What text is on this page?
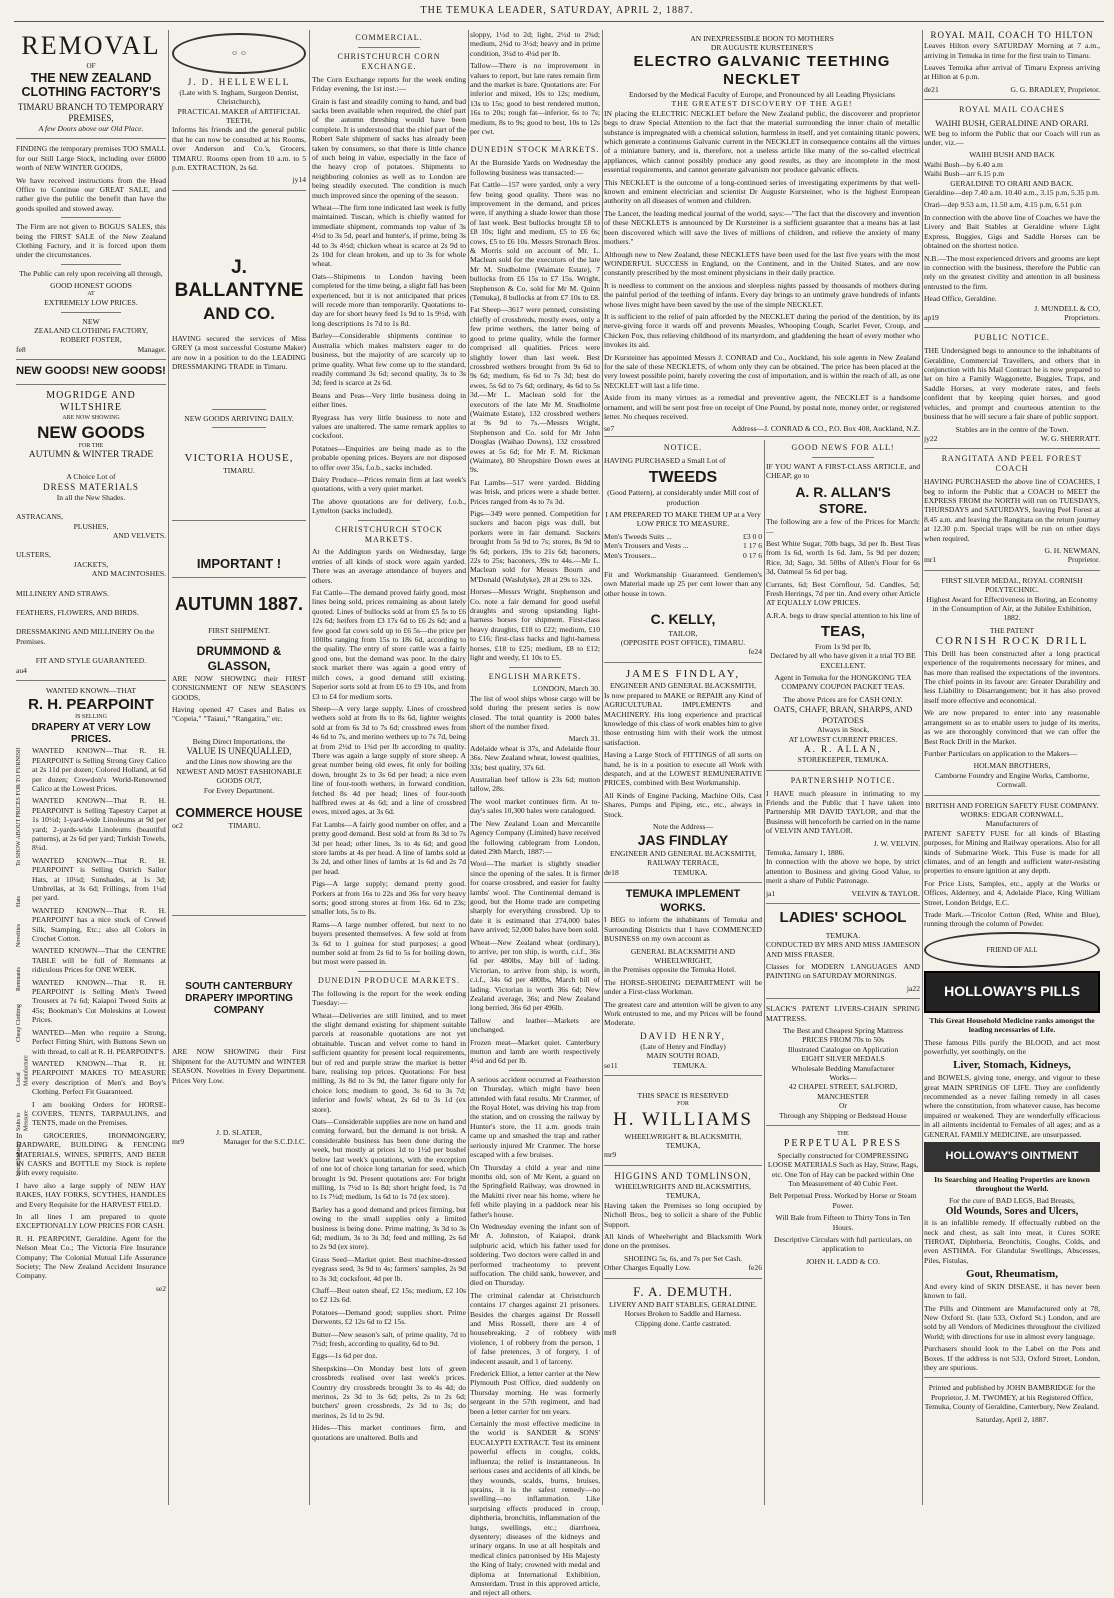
THE TEMUKA LEADER, SATURDAY, APRIL 2, 1887.
REMOVAL
OF
THE NEW ZEALAND CLOTHING FACTORY'S
TIMARU BRANCH TO TEMPORARY PREMISES,
A few Doors above our Old Place.

FINDING the temporary premises TOO SMALL for our Still Large Stock, including over £6000 worth of NEW WINTER GOODS,

We have received instructions from the Head Office to Continue our GREAT SALE, and rather give the public the benefit than have the goods spoiled and stowed away.

The Firm are not given to BOGUS SALES, this being the FIRST SALE of the New Zealand Clothing Factory, and it is forced upon them under the circumstances.

The Public can rely upon receiving all through,

GOOD HONEST GOODS
AT
EXTREMELY LOW PRICES.
NEW
ZEALAND CLOTHING FACTORY,
ROBERT FOSTER,
fe8	Manager.
NEW GOODS! NEW GOODS!
MOGRIDGE AND WILTSHIRE
ARE NOW SHOWING
NEW GOODS
FOR THE
AUTUMN & WINTER TRADE
A Choice Lot of
DRESS MATERIALS
In all the New Shades.
ASTRACANS,
PLUSHES,
AND VELVETS.
ULSTERS,
JACKETS,
AND MACINTOSHES.
MILLINERY AND STRAWS.
FEATHERS, FLOWERS, AND BIRDS.
DRESSMAKING AND MILLINERY On the Premises.
FIT AND STYLE GUARANTEED.
au4
WANTED KNOWN—THAT
R. H. PEARPOINT
IS SELLING
DRAPERY AT VERY LOW PRICES.

WANTED KNOWN—That R. H. PEARPOINT is Selling Strong Grey Calico at 2s 11d per dozen; Colored Holland, at 6d per dozen; Crewdon's World-Renowned Calico at the Lowest Prices.

WANTED KNOWN—That R. H. PEARPOINT is Selling Tapestry Carpet at 1s 10½d; 1-yard-wide Linoleums at 9d per yard; 2-yards-wide Linoleums (beautiful patterns), at 2s 6d per yard; Turkish Towels, 8¼d.

WANTED KNOWN—That R. H. PEARPOINT is Selling Ostrich Sailor Hats, at 10¼d; Sunshades, at 1s 3d; Umbrellas, at 3s 6d; Frillings, from 1¼d per yard.

WANTED KNOWN—That R. H. PEARPOINT has a nice stock of Crewel Silk, Stamping, Etc.; also all Colors in Crochet Cotton.

WANTED KNOWN—That the CENTRE TABLE will be full of Remnants at ridiculous Prices for ONE WEEK.

WANTED KNOWN—That R. H. PEARPOINT is Selling Men's Tweed Trousers at 7s 6d; Kaiapoi Tweed Suits at 45s; Bookman's Cut Moleskins at Lowest Prices.

WANTED—Men who require a Strong, Perfect Fitting Shirt, with Buttons Sewn on with thread, to call at R. H. PEARPOINT'S.

WANTED KNOWN—That R. H. PEARPOINT MAKES TO MEASURE every description of Men's and Boy's Clothing. Perfect Fit Guaranteed.

I am booking Orders for HORSE-COVERS, TENTS, TARPAULINS, and TENTS, made on the Premises.

To SHOW ABOUT PRICES FOR TO FURNISH
Hats
Novelties
Remnants
Cheap Clothing
Local Manufacture
Suits to Measure
Local Industry

In GROCERIES, IRONMONGERY, HARDWARE, BUILDING & FENCING MATERIALS, WINES, SPIRITS, AND BEER IN CASKS and BOTTLE my Stock is replete with every requisite.

I have also a large supply of NEW HAY RAKES, HAY FORKS, SCYTHES, HANDLES and Every Requisite for the HARVEST FIELD.

In all lines I am prepared to quote EXCEPTIONALLY LOW PRICES FOR CASH.

R. H. PEARPOINT, Geraldine. Agent for the Nelson Meat Co.; The Victoria Fire Insurance Company; The Colonial Mutual Life Assurance Society; The New Zealand Accident Insurance Company.

se2
☺ ☺
J. D. HELLEWELL
(Late with S. Ingham, Surgeon Dentist, Christchurch),
PRACTICAL MAKER of ARTIFICIAL TEETH,

Informs his friends and the general public that he can now be consulted at his Rooms, over Anderson and Co.'s, Grocers, TIMARU. Rooms open from 10 a.m. to 5 p.m. EXTRACTION, 2s 6d.

jy14
J. BALLANTYNE
AND CO.

HAVING secured the services of Miss GREY (a most successful Costume Maker) are now in a position to do the LEADING DRESSMAKING TRADE in Timaru.

NEW GOODS ARRIVING DAILY.
VICTORIA HOUSE,
TIMARU.
IMPORTANT !
AUTUMN 1887.
FIRST SHIPMENT.
DRUMMOND & GLASSON,

ARE NOW SHOWING their FIRST CONSIGNMENT OF NEW SEASON'S GOODS,

Having opened 47 Cases and Bales ex "Copeia," "Taiaui," "Rangatira," etc.

Being Direct Importations, the
VALUE IS UNEQUALLED,
and the Lines now showing are the
NEWEST AND MOST FASHIONABLE GOODS OUT,
For Every Department.
COMMERCE HOUSE
oc2	TIMARU.
SOUTH CANTERBURY DRAPERY IMPORTING COMPANY

ARE NOW SHOWING their First Shipment for the AUTUMN and WINTER SEASON. Novelties in Every Department. Prices Very Low.

J. D. SLATER,
mr9	Manager for the S.C.D.I.C.
COMMERCIAL.
CHRISTCHURCH CORN EXCHANGE.

The Corn Exchange reports for the week ending Friday evening, the 1st inst.:—

Grain is fast and steadily coming to hand, and bad sacks been available when required, the chief part of the autumn threshing would have been complete. It is understood that the chief part of the Robert Sale shipment of sacks has already been taken by consumers, so that there is little chance of such being in value, especially in the face of the heavy crop of potatoes. Shipments to neighboring colonies as well as to London are being steadily executed. The condition is much much improved since the opening of the season.

Wheat—The firm tone indicated last week is fully maintained. Tuscan, which is chiefly wanted for immediate shipment, commands top value of 3s 4½d to 3s 5d, pearl and hunter's, if prime, bring 3s 4d to 3s 4½d; chicken wheat is scarce at 2s 9d to 2s 10d for clean broken, and up to 3s for whole wheat.

Oats—Shipments to London having been completed for the time being, a slight fall has been experienced, but it is not anticipated that prices will recede more than temporarily. Quotations to-day are for short heavy feed 1s 9d to 1s 9½d, with long descriptions 1s 7d to 1s 8d.

Barley—Considerable shipments continue to Australia which makes maltsters eager to do business, but the majority of are scarcely up to prime quality. What few come up to the standard, readily command 3s 6d; second quality, 3s to 3s 3d; feed is scarce at 2s 6d.

Beans and Peas—Very little business doing in either lines.

Ryegrass has very little business to note and values are unaltered. The same remark applies to cocksfoot.

Potatoes—Enquiries are being made as to the probable opening prices. Buyers are not disposed to offer over 35s, f.o.b., sacks included.

Dairy Produce—Prices remain firm at last week's quotations, with a very quiet market.

The above quotations are for delivery, f.o.b., Lyttelton (sacks included).

CHRISTCHURCH STOCK MARKETS.

At the Addington yards on Wednesday, large entries of all kinds of stock were again yarded. There was an average attendance of buyers and others.

Fat Cattle—The demand proved fairly good, most lines being sold, prices remaining as about lately quoted. Lines of bullocks sold at from £5 5s to £6 12s 6d; heifers from £3 17s 6d to £6 2s 6d; and a few good fat cows sold up to £6 5s—the price per 100lbs ranging from 15s to 18s 6d, according to the quality. The entry of store cattle was a fairly good one, but the demand was poor. In the dairy stock market there was again a good entry of milch cows, a good demand still existing. Superior sorts sold at from £6 to £9 10s, and from £3 to £4 for medium sorts.

Sheep—A very large supply. Lines of crossbred wethers sold at from 8s to 8s 6d, lighter weights sold at from 6s 3d to 7s 6d; crossbred ewes from 4s 6d to 7s, and merino wethers up to 7s 7d, being at from 2½d to 1¾d per lb according to quality. There was again a large supply of store sheep. A great number being old ewes, fit only for boiling down, brought 2s to 3s 6d per head; a nice even line of four-tooth wethers, in forward condition, fetched 8s 4d per head; lines of four-tooth halfbred ewes at 4s 6d; and a line of crossbred ewes, mixed ages, at 3s 6d.

Fat Lambs—A fairly good number on offer, and a pretty good demand. Best sold at from 8s 3d to 7s 3d per head; other lines, 3s to 4s 6d; and good store lambs at 4s per head. A line of lambs sold at 3s 2d, and other lines of lambs at 1s 6d and 2s 7d per head.

Pigs—A large supply; demand pretty good. Porkers at from 16s to 22s and 36s for very heavy sorts; good strong stores at from 16s. 6d to 23s; smaller lots, 5s to 8s.

Rams—A large number offered, but next to no buyers presented themselves. A few sold at from 3s 6d to 1 guinea for stud purposes; a good number sold at from 2s 6d to 5s for boiling down, but most were passed in.

DUNEDIN PRODUCE MARKETS.

The following is the report for the week ending Tuesday:—

Wheat—Deliveries are still limited, and to meet the slight demand existing for shipment suitable parcels at reasonable quotations are not yet obtainable. Tuscan and velvet come to hand in sufficient quantity for present local requirements, but of red and purple straw the market is better bare, realising top prices. Quotations: For best milling, 3s 8d to 3s 9d, the latter figure only for choice lots; medium to good, 3s 6d to 3s 7d; inferior and fowls' wheat, 2s 6d to 3s 1d (ex store).

Oats—Considerable supplies are now on hand and coming forward, but the demand is not brisk. A considerable business has been done during the week, but mostly at prices 1d to 1½d per bushel below last week's quotations, with the exception of one lot of choice long tartarian for seed, which brought 1s 9d. Present quotations are: For bright milling, 1s 7½d to 1s 8d; short bright feed, 1s 7d to 1s 7½d; medium, 1s 6d to 1s 7d (ex store).

Barley has a good demand and prices firming, but owing to the small supplies only a limited business is being done. Prime malting, 3s 3d to 3s 6d; medium, 3s to 3s 3d; feed and milling, 2s 6d to 2s 9d (ex store).

Grass Seed—Market quiet. Best machine-dressed ryegrass seed, 3s 9d to 4s; farmers' samples, 2s 9d to 3s 3d; cocksfoot, 4d per lb.

Chaff—Best oaten sheaf, £2 15s; medium, £2 10s to £2 12s 6d.

Potatoes—Demand good; supplies short. Prime Derwents, £2 12s 6d to £2 15s.

Butter—New season's salt, of prime quality, 7d to 7½d; fresh, according to quality, 6d to 9d.

Eggs—1s 6d per doz.

Sheepskins—On Monday best lots of green crossbreds realised over last week's prices. Country dry crossbreds brought 3s to 4s 4d; do merinos, 2s 3d to 3s 6d; pelts, 2s to 2s 6d; butchers' green crossbreds, 2s 3d to 3s; do merinos, 2s 1d to 2s 9d.

Hides—This market continues firm, and quotations are unaltered. Bulls and

sloppy, 1½d to 2d; light, 2½d to 2¾d; medium, 2¾d to 3½d; heavy and in prime condition, 3¼d to 4¼d per lb.

Tallow—There is no improvement in values to report, but late rates remain firm and the market is bare. Quotations are: For inferior and mixed, 10s to 12s; medium, 13s to 15s; good to best rendered mutton, 16s to 20s; rough fat—inferior, 6s to 7s; medium, 8s to 9s; good to best, 10s to 12s per cwt.

DUNEDIN STOCK MARKETS.

At the Burnside Yards on Wednesday the following business was transacted:—

Fat Cattle—157 were yarded, only a very few being good quality. There was no improvement in the demand, and prices were, if anything a shade lower than those of last week. Best bullocks brought £8 to £8 10s; light and medium, £5 to £6 6s; cows, £5 to £6 10s. Messrs Stronach Bros. & Morris sold on account of Mr. L. Maclean sold for the executors of the late Mr M. Studholme (Waimate Estate), 7 bullocks from £6 15s to £7 15s. Wright, Stephenson & Co. sold for Mr M. Quinn (Temuka), 8 bullocks at from £7 10s to £8.

Fat Sheep—3617 were penned, consisting chiefly of crossbreds, mostly ewes, only a few prime wethers, the latter being of good to prime quality, while the former comprised all qualities. Prices were slightly lower than last week. Best crossbred wethers brought from 9s 6d to 9s 6d; medium, 6s 6d to 7s 3d; best do ewes, 5s 6d to 7s 6d; ordinary, 4s 6d to 5s 3d.—Mr L. Maclean sold for the executors of the late Mr M. Studholme (Waimate Estate), 132 crossbred wethers at 9s 9d to 7s.—Messrs Wright, Stephenson and Co. sold for Mr John Douglas (Waihao Downs), 132 crossbred ewes at 5s 6d; for Mr F. M. Rickman (Waimate), 80 Shropshire Down ewes at 9s.

Fat Lambs—517 were yarded. Bidding was brisk, and prices were a shade better. Prices ranged from 4s to 7s 3d.

Pigs—349 were penned. Competition for suckers and bacon pigs was dull, but porkers were in fair demand. Suckers brought from 5s 9d to 7s; stores, 8s 9d to 9s 6d; porkers, 19s to 21s 6d; baconers, 22s to 25s; baconers, 39s to 44s.—Mr L. Maclean sold for Messrs Bourn and M'Donald (Washdyke), 28 at 29s to 32s.

Horses—Messrs Wright, Stephenson and Co. note a fair demand for good useful draughts and strong upstanding light-harness horses for shipment. First-class heavy draughts, £18 to £22; medium, £10 to £16; first-class hacks and light-harness horses, £18 to £25; medium, £8 to £12; light and weedy, £1 10s to £5.

ENGLISH MARKETS.
LONDON, March 30.

The list of wool ships whose cargo will be sold during the present series is now closed. The total quantity is 2000 bales short of the number fixed.

March 31.

Adelaide wheat is 37s, and Adelaide flour 36s. New Zealand wheat, lowest qualities, 33s; best quality, 37s 6d.

Australian beef tallow is 23s 6d; mutton tallow, 28s.

The wool market continues firm. At to-day's sales 10,300 bales were catalogued.

The New Zealand Loan and Mercantile Agency Company (Limited) have received the following cablegram from London, dated 29th March, 1887:—

Wool—The market is slightly steadier since the opening of the sales. It is firmer for coarse crossbred, and easier for faulty lambs' wool. The Continental demand is good, but the Home trade are competing sharply for everything crossbred. Up to date it is estimated that 274,000 bales have arrived; 52,000 bales have been sold.

Wheat—New Zealand wheat (ordinary), to arrive, per ton ship, is worth, c.i.f., 36s 6d per 480lbs, May bill of lading. Victorian, to arrive from ship, is worth, c.i.f., 34s 6d per 480lbs, March bill of lading. Victorian is worth 36s 6d; New Zealand average, 36s; and New Zealand long berried, 36s 6d per 496lb.

Tallow and leather—Markets are unchanged.

Frozen meat—Market quiet. Canterbury mutton and lamb are worth respectively 4½d and 6d per lb.

A serious accident occurred at Featherston on Thursday, which might have been attended with fatal results. Mr Cranmer, of the Royal Hotel, was driving his trap from the station, and on crossing the railway by Hunter's store, the 11 a.m. goods train came up and smashed the trap and rather seriously injured Mr Cranmer. The horse escaped with a few bruises.

On Thursday a child a year and nine months old, son of Mr Kent, a guard on the Springfield Railway, was drowned in the Makitti river near his home, where he fell while playing in a paddock near his father's house.

On Wednesday evening the infant son of Mr A. Johnston, of Kaiapoi, drank sulphuric acid, which his father used for soldering. Two doctors were called in and performed tracheotomy to prevent suffocation. The child sank, however, and died on Thursday.

The criminal calendar at Christchurch contains 17 charges against 21 prisoners. Besides the charges against Dr Rossell and Miss Rossell, there are 4 of housebreaking, 2 of robbery with violence, 1 of robbery from the person, 1 of false pretences, 3 of forgery, 1 of indecent assault, and 1 of larceny.

Frederick Elliot, a letter carrier at the New Plymouth Post Office, died suddenly on Thursday morning. He was formerly sergeant in the 57th regiment, and had been a letter carrier for ten years.

Certainly the most effective medicine in the world is SANDER & SONS' EUCALYPTI EXTRACT. Test its eminent powerful effects in coughs, colds, influenza; the relief is instantaneous. In serious cases and accidents of all kinds, be they wounds, scalds, burns, bruises, sprains, it is the safest remedy—no swelling—no inflammation. Like surprising effects produced in croup, diphtheria, bronchitis, inflammation of the lungs, swellings, etc.; diarrhoea, dysentery; diseases of the kidneys and urinary organs. In use at all hospitals and medical clinics patronised by His Majesty the King of Italy; crowned with medal and diploma at International Exhibition, Amsterdam. Trust in this approved article, and reject all others.

AN INEXPRESSIBLE BOON TO MOTHERS
DR AUGUSTE KURSTEINER'S
ELECTRO GALVANIC TEETHING NECKLET
Endorsed by the Medical Faculty of Europe, and Pronounced by all Leading Physicians
THE GREATEST DISCOVERY OF THE AGE!

IN placing the ELECTRIC NECKLET before the New Zealand public, the discoverer and proprietor begs to draw Special Attention to the fact that the material surrounding the inner chain of metallic substance is impregnated with a chemical solution, harmless in itself, and yet containing titanic powers, which generate a continuous Galvanic current in the NECKLET in consequence contains all the virtues of a miniature battery, and is, therefore, not a useless article like many of the so-called electrical appliances, which cannot possibly produce any good results, as they are incomplete in the most essential requirements, and cannot generate galvanism nor produce galvanic effects.

This NECKLET is the outcome of a long-continued series of investigating experiments by that well-known and eminent electrician and scientist Dr Auguste Kursteiner, who is the highest European authority on all diseases of women and children.

The Lancet, the leading medical journal of the world, says:—"The fact that the discovery and invention of these NECKLETS is announced by Dr Kursteiner is a sufficient guarantee that a means has at last been discovered which will save the lives of millions of children, and relieve the anxiety of many mothers."

Although new to New Zealand, these NECKLETS have been used for the last five years with the most WONDERFUL SUCCESS in England, on the Continent, and in the United States, and are now constantly prescribed by the most eminent physicians in their daily practice.

It is needless to comment on the anxious and sleepless nights passed by thousands of mothers during the painful period of the teething of infants. Every day brings to an untimely grave hundreds of infants whose lives might have been saved by the use of the simple NECKLET.

It is sufficient to the relief of pain afforded by the NECKLET during the period of the dentition, by its nerve-giving force it wards off and prevents Measles, Whooping Cough, Scarlet Fever, Croup, and Chicken Pox, thus relieving childhood of its martyrdom, and gladdening the heart of every mother who invokes its aid.

Dr Kursteiner has appointed Messrs J. CONRAD and Co., Auckland, his sole agents in New Zealand for the sale of these NECKLETS, of whom only they can be obtained. The price has been placed at the very lowest possible point, barely covering the cost of importation, and is within the reach of all, as one NECKLET will last a life time.

Aside from its many virtues as a remedial and preventive agent, the NECKLET is a handsome ornament, and will be sent post free on receipt of One Pound, by postal note, money order, or registered letter. No cheques received.

se7	Address—J. CONRAD & CO., P.O. Box 408, Auckland, N.Z.
NOTICE.

HAVING PURCHASED a Small Lot of

TWEEDS

(Good Pattern), at considerably under Mill cost of production

I AM PREPARED TO MAKE THEM UP at a Very LOW PRICE TO MEASURE.

Men's Tweeds Suits ...	£3 0 0
Men's Trousers and Vests ...	1 17 6
Men's Trousers...	0 17 6

Fit and Workmanship Guaranteed. Gentlemen's own Material made up 25 per cent lower than any other house in town.

C. KELLY,
TAILOR,
(OPPOSITE POST OFFICE), TIMARU.
fe24
JAMES FINDLAY,
ENGINEER AND GENERAL BLACKSMITH,

Is now prepared to MAKE or REPAIR any Kind of AGRICULTURAL IMPLEMENTS and MACHINERY. His long experience and practical knowledge of this class of work enables him to give those entrusting him with their work the utmost satisfaction.

Having a Large Stock of FITTINGS of all sorts on hand, he is in a position to execute all Work with despatch, and at the LOWEST REMUNERATIVE PRICES, combined with Best Workmanship.

All Kinds of Engine Packing, Machine Oils, Cast Shares, Pumps and Piping, etc., etc., always in Stock.

Note the Address—
JAS FINDLAY
ENGINEER AND GENERAL BLACKSMITH,
RAILWAY TERRACE,
de18	TEMUKA.
TEMUKA IMPLEMENT WORKS.

I BEG to inform the inhabitants of Temuka and Surrounding Districts that I have COMMENCED BUSINESS on my own account as

GENERAL BLACKSMITH AND WHEELWRIGHT,

in the Premises opposite the Temuka Hotel.

The HORSE-SHOEING DEPARTMENT will be under a First-class Workman.

The greatest care and attention will be given to any Work entrusted to me, and my Prices will be found Moderate.

DAVID HENRY,
(Late of Henry and Findlay)
MAIN SOUTH ROAD,
se11	TEMUKA.
THIS SPACE IS RESERVED
FOR
H. WILLIAMS
WHEELWRIGHT & BLACKSMITH,
TEMUKA,
mr9
HIGGINS AND TOMLINSON,
WHEELWRIGHTS AND BLACKSMITHS, TEMUKA,

Having taken the Premises so long occupied by Nicholl Bros., beg to solicit a share of the Public Support.

All kinds of Wheelwright and Blacksmith Work done on the premises.

SHOEING 5s, 6s, and 7s per Set Cash.
Other Charges Equally Low.	fe26
F. A. DEMUTH.
LIVERY AND BAIT STABLES, GERALDINE.
Horses Broken to Saddle and Harness.
Clipping done. Cattle castrated.
mr8
GOOD NEWS FOR ALL!

IF YOU WANT A FIRST-CLASS ARTICLE, and CHEAP, go to

A. R. ALLAN'S
STORE.

The following are a few of the Prices for March:—

Best White Sugar, 70lb bags, 3d per lb. Best Teas from 1s 6d, worth 1s 6d. Jam, 5s 9d per dozen; Rice, 3d; Sago, 3d. 50lbs of Allen's Flour for 6s 3d, Oatmeal 5s 6d per bag.

Currants, 6d; Best Cornflour, 5d. Candles, 5d; Fresh Herrings, 7d per tin. And every other Article AT EQUALLY LOW PRICES.

A.R.A. begs to draw special attention to his line of

TEAS,
From 1s 9d per lb,

Declared by all who have given it a trial TO BE EXCELLENT.

Agent in Temuka for the HONGKONG TEA COMPANY COUPON PACKET TEAS.

The above Prices are for CASH ONLY.
OATS, CHAFF, BRAN, SHARPS, AND POTATOES
Always in Stock,
AT LOWEST CURRENT PRICES.
A. R. ALLAN,
STOREKEEPER, TEMUKA.
PARTNERSHIP NOTICE.

I HAVE much pleasure in intimating to my Friends and the Public that I have taken into Partnership MR DAVID TAYLOR, and that the Business will henceforth be carried on in the name of VELVIN AND TAYLOR.

J. W. VELVIN.
Temuka, January 1, 1886.

In connection with the above we hope, by strict attention to Business and giving Good Value, to merit a share of Public Patronage.

ja1	VELVIN & TAYLOR.
LADIES' SCHOOL
TEMUKA.

CONDUCTED BY MRS AND MISS JAMIESON AND MISS FRASER.

Classes for MODERN LANGUAGES AND PAINTING on SATURDAY MORNINGS.

ja22

SLACK'S PATENT LIVERS-CHAIN SPRING MATTRESS.

The Best and Cheapest Spring Mattress
PRICES FROM 70s to 50s
Illustrated Catalogue on Application
EIGHT SILVER MEDALS
Wholesale Bedding Manufacturer
Works—
42 CHAPEL STREET, SALFORD, MANCHESTER
Or
Through any Shipping or Bedstead House
THE
PERPETUAL PRESS

Specially constructed for COMPRESSING LOOSE MATERIALS Such as Hay, Straw, Rags, etc. One Ton of Hay can be packed within One Ton Measurement of 40 Cubic Feet.

Belt Perpetual Press. Worked by Horse or Steam Power.

Will Bale from Fifteen to Thirty Tons in Ten Hours.

Descriptive Circulars with full particulars, on application to

JOHN H. LADD & CO.
ROYAL MAIL COACH TO HILTON

Leaves Hilton every SATURDAY Morning at 7 a.m., arriving in Temuka in time for the first train to Timaru.

Leaves Temuka after arrival of Timaru Express arriving at Hilton at 6 p.m.

de21	G. G. BRADLEY, Proprietor.
ROYAL MAIL COACHES
WAIHI BUSH, GERALDINE AND ORARI.

WE beg to inform the Public that our Coach will run as under, viz.—

WAIHI BUSH AND BACK
Waihi Bush—by 6.40 a.m
Waihi Bush—arr 6.15 p.m
GERALDINE TO ORARI AND BACK.

Geraldine—dep 7.40 a.m. 10.40 a.m., 3.15 p.m, 5.35 p.m.

Orari—dep 9.53 a.m, 11.50 a.m, 4.15 p.m, 6.51 p.m

In connection with the above line of Coaches we have the Livery and Bait Stables at Geraldine where Light Express, Buggies, Gigs and Saddle Horses can be obtained on the shortest notice.

N.B.—The most experienced drivers and grooms are kept in connection with the business, therefore the Public can rely on the greatest civility and attention in all business entrusted to the firm.

Head Office, Geraldine.
J. MUNDELL & CO,
ap19	Proprietors.
PUBLIC NOTICE.

THE Undersigned begs to announce to the inhabitants of Geraldine, Commercial Travellers, and others that in conjunction with his Mail Contract he is now prepared to let on hire a Family Waggonette, Buggies, Traps, and Saddle Horses, at very moderate rates, and feels confident that by keeping quiet horses, and good vehicles, and prompt and courteous attention to the business that he will secure a fair share of public support.

Stables are in the centre of the Town.
jy22	W. G. SHERRATT.
RANGITATA AND PEEL FOREST COACH

HAVING PURCHASED the above line of COACHES, I beg to inform the Public that a COACH to MEET the EXPRESS FROM the NORTH will run on TUESDAYS, THURSDAYS and SATURDAYS, leaving Peel Forest at 8.45 a.m. and leaving the Rangitata on the return journey at 12.30 p.m. Special traps will be run on other days when required.

G. H. NEWMAN,
mr1	Proprietor.
FIRST SILVER MEDAL, ROYAL CORNISH POLYTECHNIC.

Highest Award for Effectiveness in Boring, an Economy in the Consumption of Air, at the Jubilee Exhibition, 1882.

THE PATENT
CORNISH ROCK DRILL

This Drill has been constructed after a long practical experience of the requirements necessary for mines, and has more than realised the expectations of the inventors. The chief points in its favour are: Greater Durability and less Liability to Disarrangement; but it has also proved itself more effective and economical.

We are now prepared to enter into any reasonable arrangement so as to enable users to judge of its merits, as we are thoroughly convinced that we can offer the Best Rock Drill in the Market.

Further Particulars on application to the Makers—

HOLMAN BROTHERS,
Camborne Foundry and Engine Works, Camborne, Cornwall.
BRITISH AND FOREIGN SAFETY FUSE COMPANY.
WORKS: EDGAR CORNWALL.
Manufacturers of

PATENT SAFETY FUSE for all kinds of Blasting purposes, for Mining and Railway operations. Also for all kinds of Submarine Work. This Fuse is made for all climates, and of an length and sufficient water-resisting properties to ensure ignition at any depth.

For Price Lists, Samples, etc., apply at the Works or Offices, Alderney, and 4, Adelaide Place, King William Street, London Bridge, E.C.

Trade Mark.—Tricolor Cotton (Red, White and Blue), running through the column of Powder.

FRIEND OF ALL
HOLLOWAY'S PILLS

This Great Household Medicine ranks amongst the leading necessaries of Life.

These famous Pills purify the BLOOD, and act most powerfully, yet soothingly, on the

Liver, Stomach, Kidneys,

and BOWELS, giving tone, energy, and vigour to these great MAIN SPRINGS OF LIFE. They are confidently recommended as a never failing remedy in all cases where the constitution, from whatever cause, has become impaired or weakened. They are wonderfully efficacious in all ailments incidental to Females of all ages; and as a GENERAL FAMILY MEDICINE, are unsurpassed.

HOLLOWAY'S OINTMENT

Its Searching and Healing Properties are known throughout the World.

For the cure of BAD LEGS, Bad Breasts,
Old Wounds, Sores and Ulcers,

it is an infallible remedy. If effectually rubbed on the neck and chest, as salt into meat, it Cures SORE THROAT, Diphtheria, Bronchitis, Coughs, Colds, and even ASTHMA. For Glandular Swellings, Abscesses, Piles, Fistulas,

Gout, Rheumatism,

And every kind of SKIN DISEASE, it has never been known to fail.

The Pills and Ointment are Manufactured only at 78, New Oxford St. (late 533, Oxford St.) London, and are sold by all Vendors of Medicines throughout the civilized World; with directions for use in almost every language.

Purchasers should look to the Label on the Pots and Boxes. If the address is not 533, Oxford Street, London, they are spurious.

Printed and published by JOHN BAMBRIDGE for the Proprietor, J. M. TWOMEY, at his Registered Office, Temuka, County of Geraldine, Canterbury, New Zealand.

Saturday, April 2, 1887.
